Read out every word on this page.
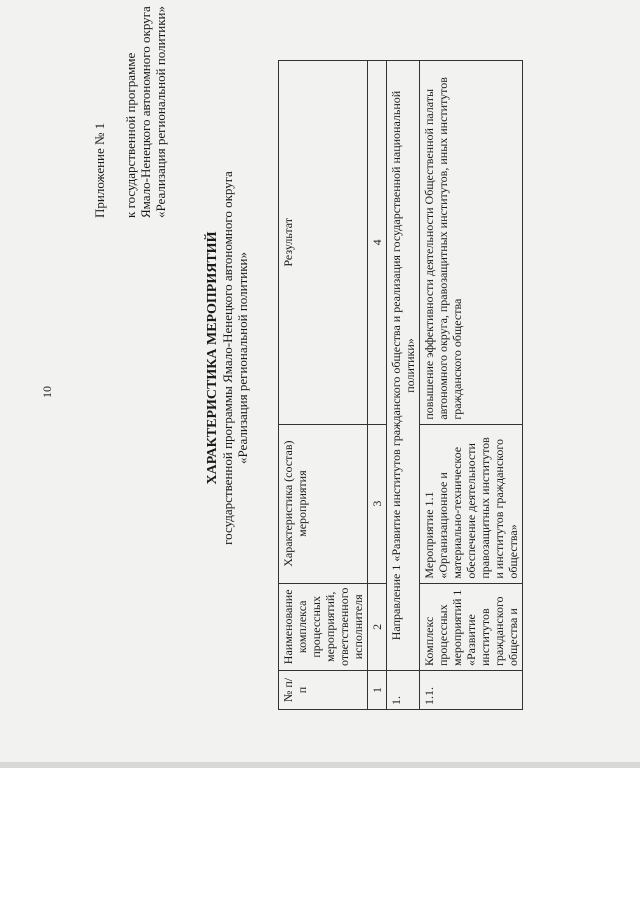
10
Приложение № 1 к государственной программе Ямало-Ненецкого автономного округа «Реализация региональной политики»
ХАРАКТЕРИСТИКА МЕРОПРИЯТИЙ государственной программы Ямало-Ненецкого автономного округа «Реализация региональной политики»
№ п/п	Наименование комплекса процессных мероприятий, ответственного исполнителя	Характеристика (состав) мероприятия	Результат
1	2	3	4
1.	Направление 1 «Развитие институтов гражданского общества и реализация государственной национальной политики»		
1.1.	Комплекс процессных мероприятий 1 «Развитие институтов гражданского общества и	Мероприятие 1.1 «Организационное и материально-техническое обеспечение деятельности правозащитных институтов и институтов гражданского общества»	повышение эффективности деятельности Общественной палаты автономного округа, правозащитных институтов, иных институтов гражданского общества
